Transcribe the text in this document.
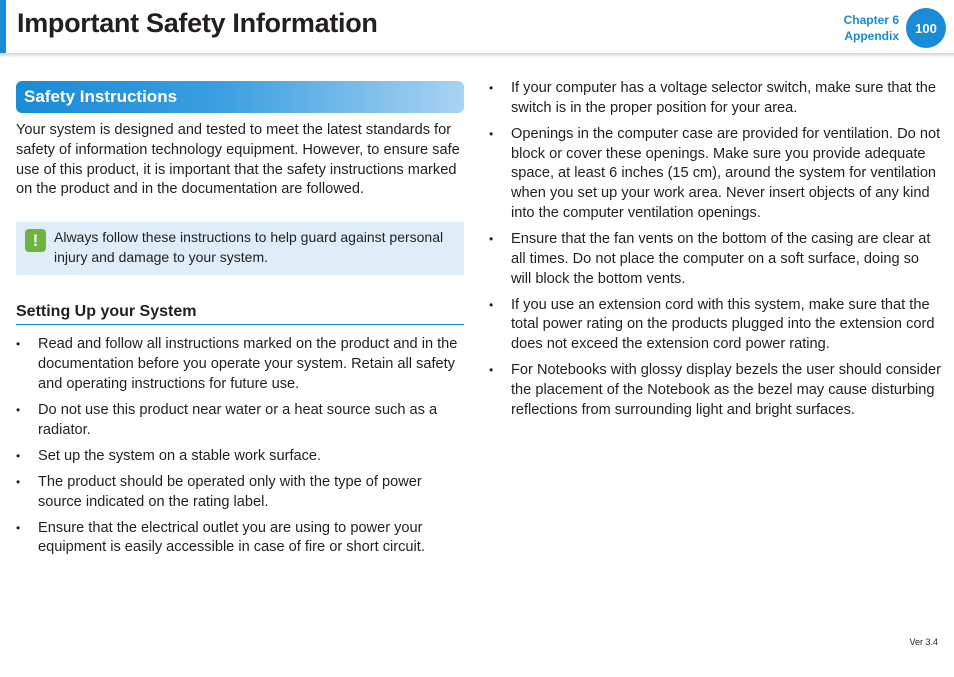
Important Safety Information	Chapter 6
Appendix
100
Safety Instructions

Your system is designed and tested to meet the latest standards for safety of information technology equipment. However, to ensure safe use of this product, it is important that the safety instructions marked on the product and in the documentation are followed.

!	Always follow these instructions to help guard against personal injury and damage to your system.
Setting Up your System
• Read and follow all instructions marked on the product and in the documentation before you operate your system. Retain all safety and operating instructions for future use.
• Do not use this product near water or a heat source such as a radiator.
• Set up the system on a stable work surface.
• The product should be operated only with the type of power source indicated on the rating label.
• Ensure that the electrical outlet you are using to power your equipment is easily accessible in case of fire or short circuit.
• If your computer has a voltage selector switch, make sure that the switch is in the proper position for your area.
• Openings in the computer case are provided for ventilation. Do not block or cover these openings. Make sure you provide adequate space, at least 6 inches (15 cm), around the system for ventilation when you set up your work area. Never insert objects of any kind into the computer ventilation openings.
• Ensure that the fan vents on the bottom of the casing are clear at all times. Do not place the computer on a soft surface, doing so will block the bottom vents.
• If you use an extension cord with this system, make sure that the total power rating on the products plugged into the extension cord does not exceed the extension cord power rating.
• For Notebooks with glossy display bezels the user should consider the placement of the Notebook as the bezel may cause disturbing reflections from surrounding light and bright surfaces.
Ver 3.4
